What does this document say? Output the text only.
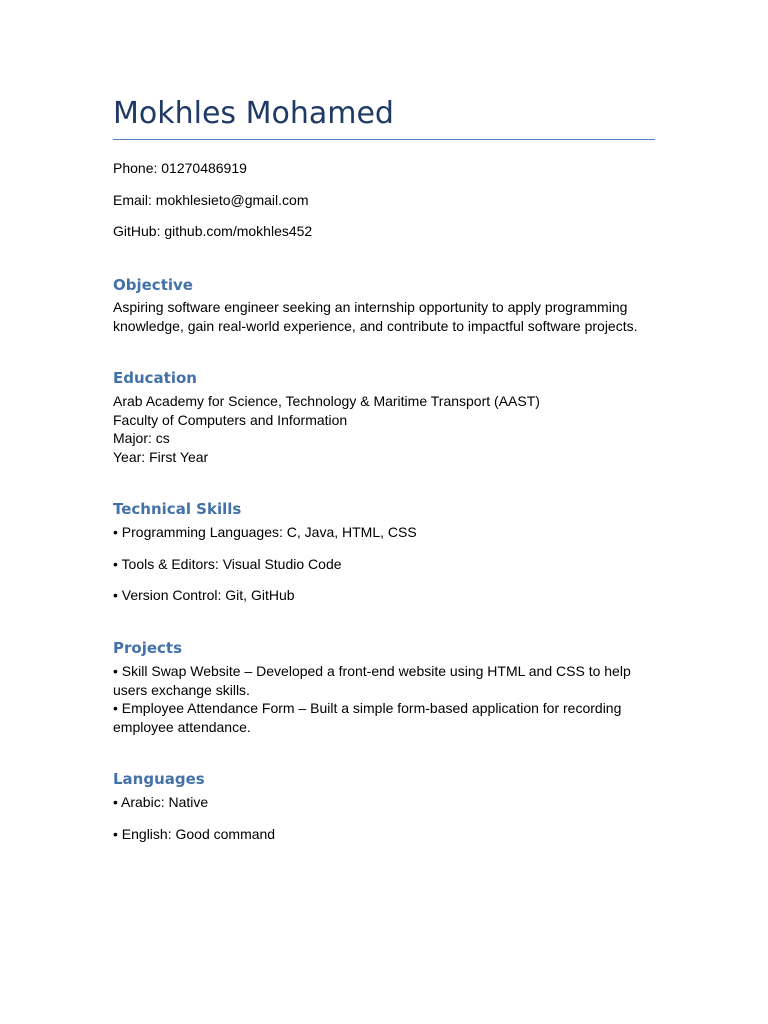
Mokhles Mohamed

Phone: 01270486919

Email: mokhlesieto@gmail.com

GitHub: github.com/mokhles452

Objective
Aspiring software engineer seeking an internship opportunity to apply programming
knowledge, gain real-world experience, and contribute to impactful software projects.
Education
Arab Academy for Science, Technology & Maritime Transport (AAST)
Faculty of Computers and Information
Major: cs
Year: First Year
Technical Skills

• Programming Languages: C, Java, HTML, CSS

• Tools & Editors: Visual Studio Code

• Version Control: Git, GitHub

Projects
• Skill Swap Website – Developed a front-end website using HTML and CSS to help
users exchange skills.
• Employee Attendance Form – Built a simple form-based application for recording
employee attendance.
Languages

• Arabic: Native

• English: Good command
